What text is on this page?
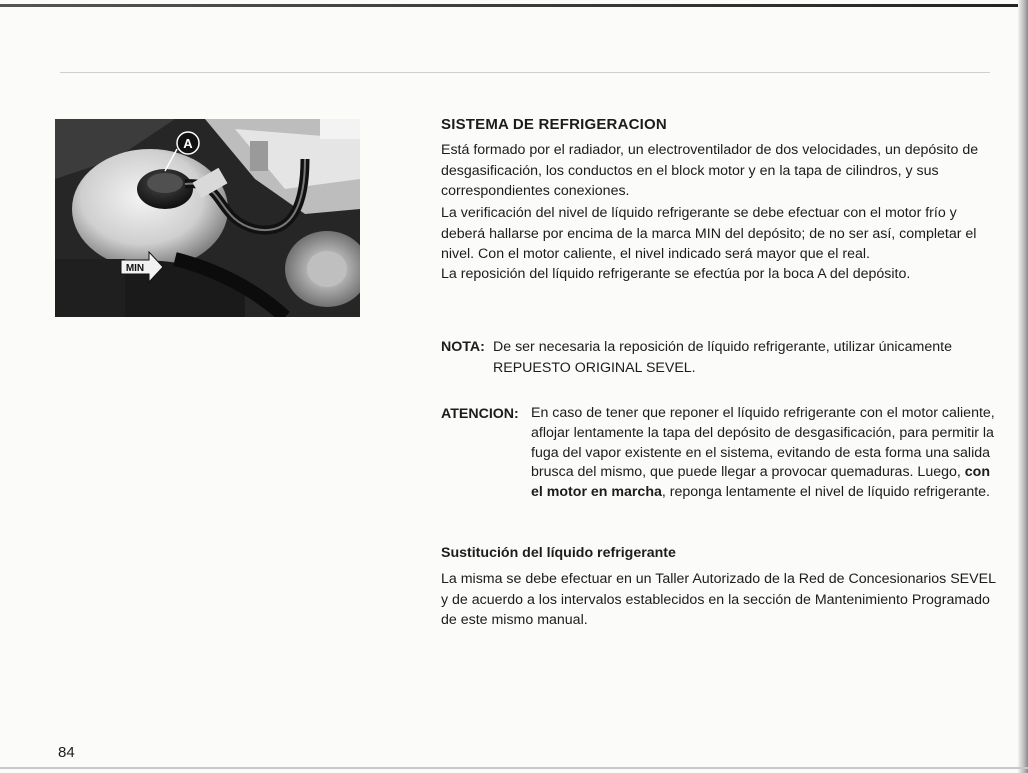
A
MIN
SISTEMA DE REFRIGERACION

Está formado por el radiador, un electroventilador de dos velocidades, un depósito de desgasificación, los conductos en el block motor y en la tapa de cilindros, y sus correspondientes conexiones.

La verificación del nivel de líquido refrigerante se debe efectuar con el motor frío y deberá hallarse por encima de la marca MIN del depósito; de no ser así, completar el nivel. Con el motor caliente, el nivel indicado será mayor que el real.

La reposición del líquido refrigerante se efectúa por la boca A del depósito.

NOTA: De ser necesaria la reposición de líquido refrigerante, utilizar únicamente REPUESTO ORIGINAL SEVEL.

ATENCION: En caso de tener que reponer el líquido refrigerante con el motor caliente, aflojar lentamente la tapa del depósito de desgasificación, para permitir la fuga del vapor existente en el sistema, evitando de esta forma una salida brusca del mismo, que puede llegar a provocar quemaduras. Luego, con el motor en marcha, reponga lentamente el nivel de líquido refrigerante.

Sustitución del líquido refrigerante

La misma se debe efectuar en un Taller Autorizado de la Red de Concesionarios SEVEL y de acuerdo a los intervalos establecidos en la sección de Mantenimiento Programado de este mismo manual.

84
